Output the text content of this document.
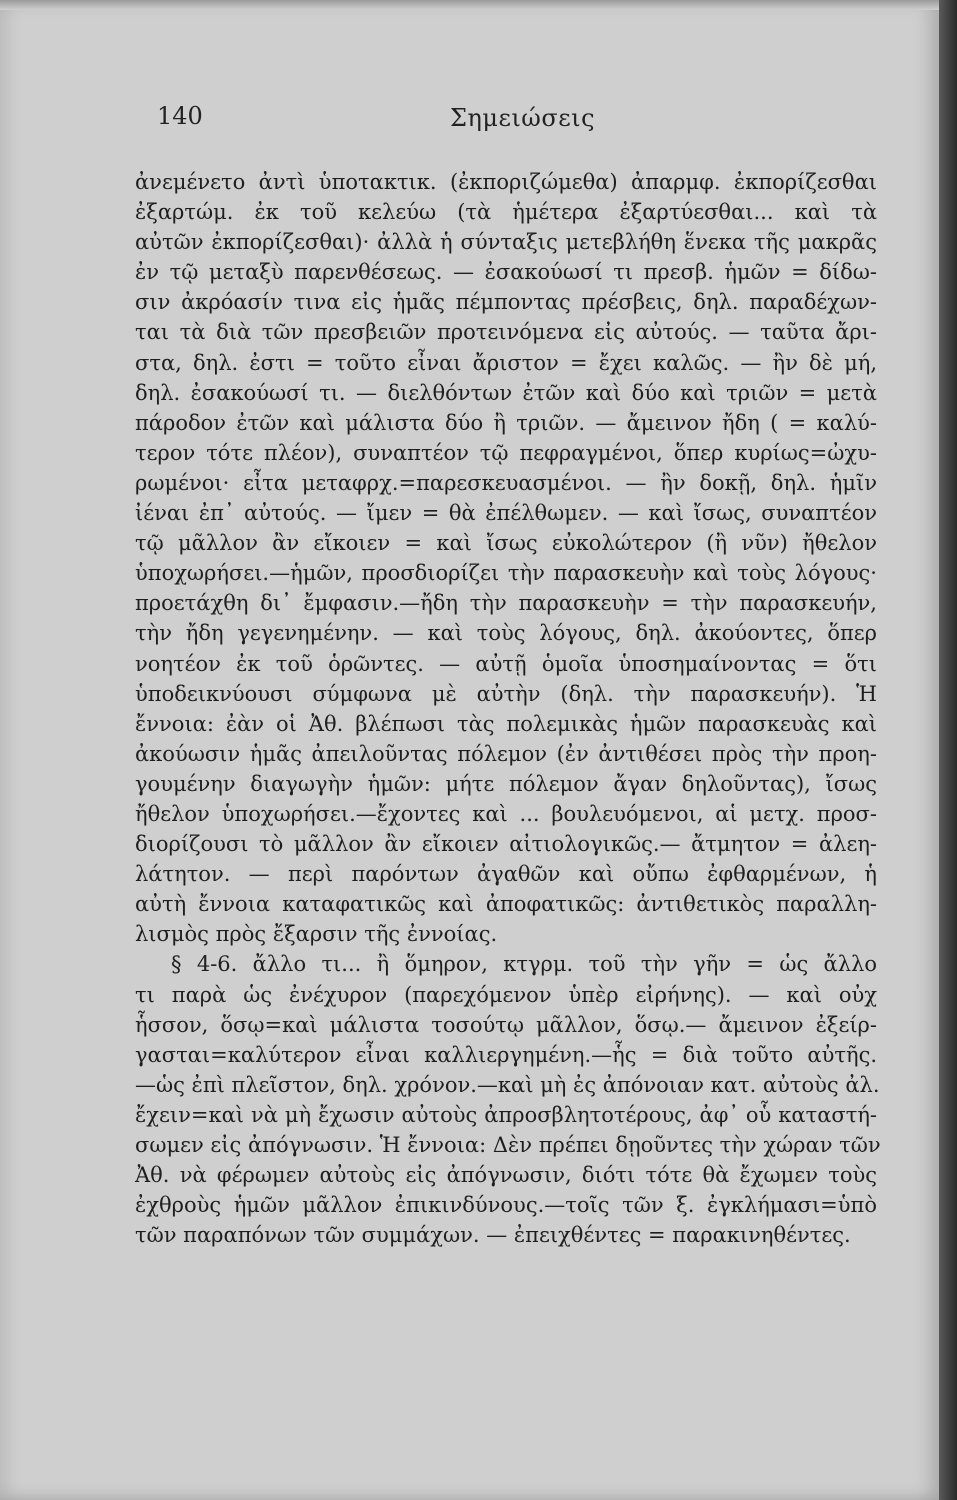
140	Σημειώσεις
ἀνεμένετο ἀντὶ ὑποτακτικ. (ἐκποριζώμεθα) ἀπαρμφ. ἐκπορίζεσθαι
ἐξαρτώμ. ἐκ τοῦ κελεύω (τὰ ἡμέτερα ἐξαρτύεσθαι... καὶ τὰ
αὐτῶν ἐκπορίζεσθαι)· ἀλλὰ ἡ σύνταξις μετεβλήθη ἕνεκα τῆς μακρᾶς
ἐν τῷ μεταξὺ παρενθέσεως. — ἐσακούωσί τι πρεσβ. ἡμῶν = δίδω-
σιν ἀκρόασίν τινα εἰς ἡμᾶς πέμποντας πρέσβεις, δηλ. παραδέχων-
ται τὰ διὰ τῶν πρεσβειῶν προτεινόμενα εἰς αὐτούς. — ταῦτα ἄρι-
στα, δηλ. ἐστι = τοῦτο εἶναι ἄριστον = ἔχει καλῶς. — ἢν δὲ μή,
δηλ. ἐσακούωσί τι. — διελθόντων ἐτῶν καὶ δύο καὶ τριῶν = μετὰ
πάροδον ἐτῶν καὶ μάλιστα δύο ἢ τριῶν. — ἄμεινον ἤδη ( = καλύ-
τερον τότε πλέον), συναπτέον τῷ πεφραγμένοι, ὅπερ κυρίως=ὠχυ-
ρωμένοι· εἶτα μεταφρχ.=παρεσκευασμένοι. — ἢν δοκῇ, δηλ. ἡμῖν
ἰέναι ἐπ᾽ αὐτούς. — ἴμεν = θὰ ἐπέλθωμεν. — καὶ ἴσως, συναπτέον
τῷ μᾶλλον ἂν εἴκοιεν = καὶ ἴσως εὐκολώτερον (ἢ νῦν) ἤθελον
ὑποχωρήσει.—ἡμῶν, προσδιορίζει τὴν παρασκευὴν καὶ τοὺς λόγους·
προετάχθη δι᾽ ἔμφασιν.—ἤδη τὴν παρασκευὴν = τὴν παρασκευήν,
τὴν ἤδη γεγενημένην. — καὶ τοὺς λόγους, δηλ. ἀκούοντες, ὅπερ
νοητέον ἐκ τοῦ ὁρῶντες. — αὐτῇ ὁμοῖα ὑποσημαίνοντας = ὅτι
ὑποδεικνύουσι σύμφωνα μὲ αὐτὴν (δηλ. τὴν παρασκευήν). Ἡ
ἔννοια: ἐὰν οἱ Ἀθ. βλέπωσι τὰς πολεμικὰς ἡμῶν παρασκευὰς καὶ
ἀκούωσιν ἡμᾶς ἀπειλοῦντας πόλεμον (ἐν ἀντιθέσει πρὸς τὴν προη-
γουμένην διαγωγὴν ἡμῶν: μήτε πόλεμον ἄγαν δηλοῦντας), ἴσως
ἤθελον ὑποχωρήσει.—ἔχοντες καὶ ... βουλευόμενοι, αἱ μετχ. προσ-
διορίζουσι τὸ μᾶλλον ἂν εἴκοιεν αἰτιολογικῶς.— ἄτμητον = ἀλεη-
λάτητον. — περὶ παρόντων ἀγαθῶν καὶ οὔπω ἐφθαρμένων, ἡ
αὐτὴ ἔννοια καταφατικῶς καὶ ἀποφατικῶς: ἀντιθετικὸς παραλλη-
λισμὸς πρὸς ἔξαρσιν τῆς ἐννοίας.
§ 4-6. ἄλλο τι... ἢ ὅμηρον, κτγρμ. τοῦ τὴν γῆν = ὡς ἄλλο
τι παρὰ ὡς ἐνέχυρον (παρεχόμενον ὑπὲρ εἰρήνης). — καὶ οὐχ
ἧσσον, ὅσῳ=καὶ μάλιστα τοσούτῳ μᾶλλον, ὅσῳ.— ἄμεινον ἐξείρ-
γασται=καλύτερον εἶναι καλλιεργημένη.—ἧς = διὰ τοῦτο αὐτῆς.
—ὡς ἐπὶ πλεῖστον, δηλ. χρόνον.—καὶ μὴ ἐς ἀπόνοιαν κατ. αὐτοὺς ἀλ.
ἔχειν=καὶ νὰ μὴ ἔχωσιν αὐτοὺς ἀπροσβλητοτέρους, ἀφ᾽ οὗ καταστή-
σωμεν εἰς ἀπόγνωσιν. Ἡ ἔννοια: Δὲν πρέπει δῃοῦντες τὴν χώραν τῶν
Ἀθ. νὰ φέρωμεν αὐτοὺς εἰς ἀπόγνωσιν, διότι τότε θὰ ἔχωμεν τοὺς
ἐχθροὺς ἡμῶν μᾶλλον ἐπικινδύνους.—τοῖς τῶν ξ. ἐγκλήμασι=ὑπὸ
τῶν παραπόνων τῶν συμμάχων. — ἐπειχθέντες = παρακινηθέντες.
